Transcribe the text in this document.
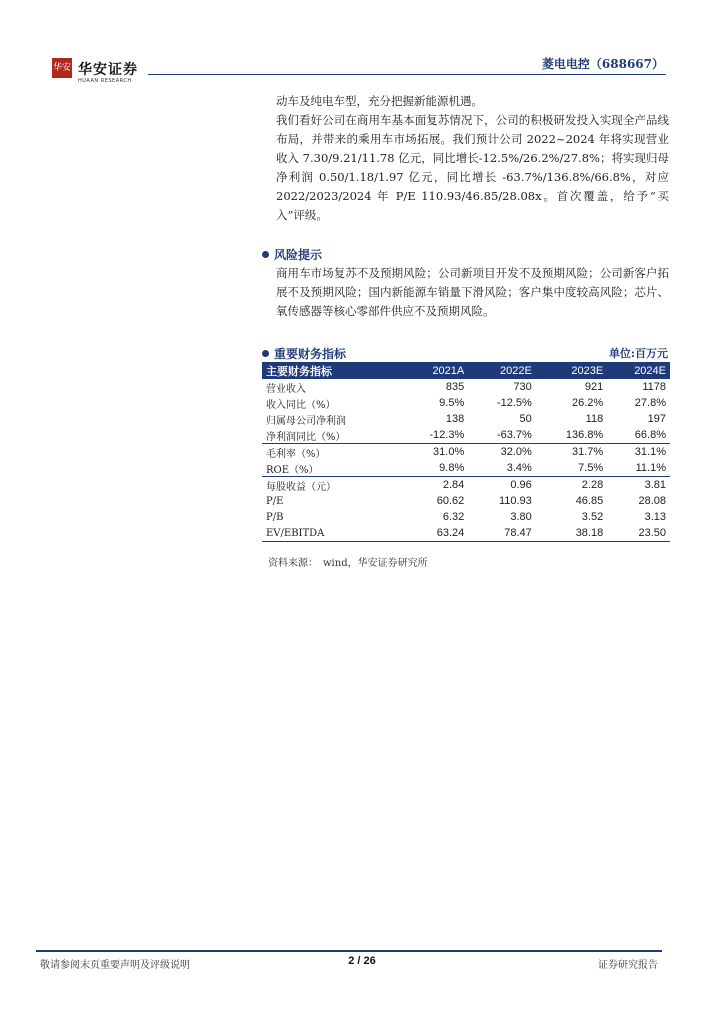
华安 华安证券
HUAAN RESEARCH
菱电电控（688667）
动车及纯电车型，充分把握新能源机遇。
我们看好公司在商用车基本面复苏情况下，公司的积极研发投入实现全产品线布局，并带来的乘用车市场拓展。我们预计公司 2022~2024 年将实现营业收入 7.30/9.21/11.78 亿元，同比增长-12.5%/26.2%/27.8%；将实现归母净利润 0.50/1.18/1.97 亿元，同比增长 -63.7%/136.8%/66.8%，对应 2022/2023/2024 年 P/E 110.93/46.85/28.08x。首次覆盖，给予“买入”评级。
风险提示
商用车市场复苏不及预期风险；公司新项目开发不及预期风险；公司新客户拓展不及预期风险；国内新能源车销量下滑风险；客户集中度较高风险；芯片、氧传感器等核心零部件供应不及预期风险。
重要财务指标	单位:百万元
主要财务指标	2021A	2022E	2023E	2024E
营业收入	835	730	921	1178
收入同比（%）	9.5%	-12.5%	26.2%	27.8%
归属母公司净利润	138	50	118	197
净利润同比（%）	-12.3%	-63.7%	136.8%	66.8%
毛利率（%）	31.0%	32.0%	31.7%	31.1%
ROE（%）	9.8%	3.4%	7.5%	11.1%
每股收益（元）	2.84	0.96	2.28	3.81
P/E	60.62	110.93	46.85	28.08
P/B	6.32	3.80	3.52	3.13
EV/EBITDA	63.24	78.47	38.18	23.50
资料来源：　wind，华安证券研究所
敬请参阅末页重要声明及评级说明	2 / 26	证券研究报告
